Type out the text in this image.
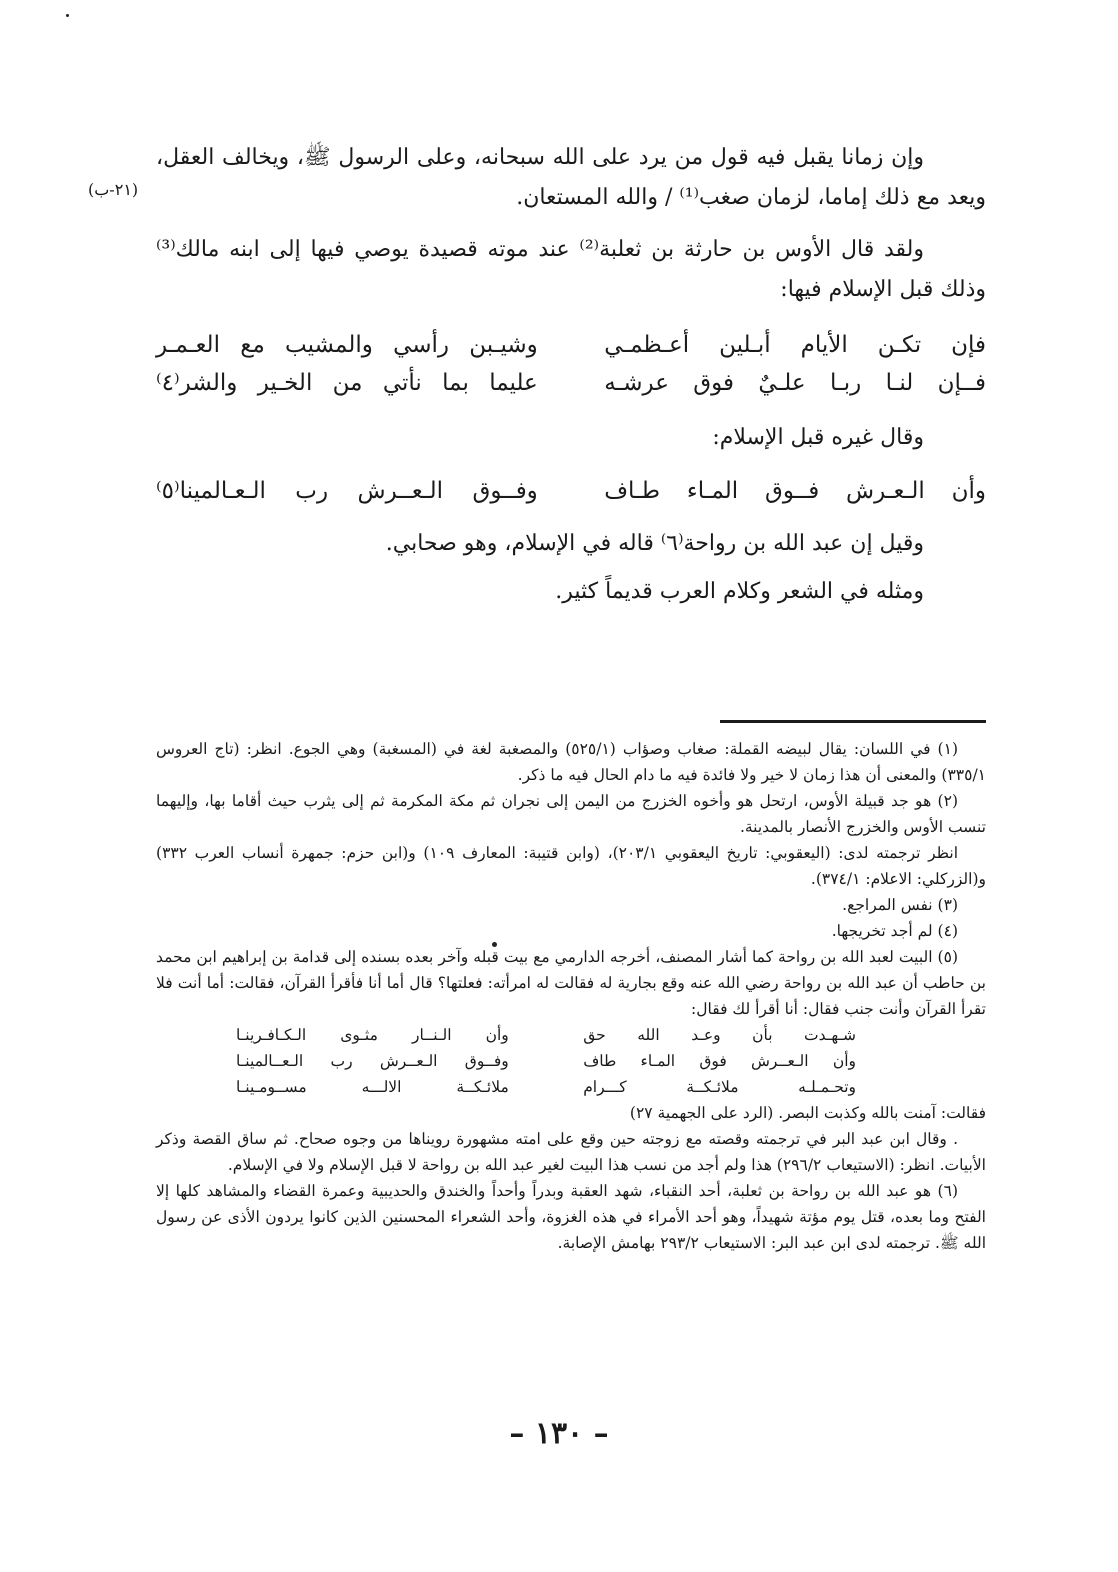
وإن زمانا يقبل فيه قول من يرد على الله سبحانه، وعلى الرسول ﷺ، ويخالف العقل، ويعد مع ذلك إماما، لزمان صغب⁽¹⁾ / والله المستعان.

ولقد قال الأوس بن حارثة بن ثعلبة⁽²⁾ عند موته قصيدة يوصي فيها إلى ابنه مالك⁽³⁾ وذلك قبل الإسلام فيها:

(٢١-ب)
فإن تكـن الأيام أبـلين أعـظمـي
وشيـبن رأسي والمشيب مع العـمـر
فــإن لنـا ربـا علـيٌ فوق عرشـه
عليما بما نأتي من الخـير والشر⁽٤⁾

وقال غيره قبل الإسلام:

وأن الـعـرش فــوق المـاء طـاف
وفــوق الـعــرش رب الـعـالمينا⁽٥⁾

وقيل إن عبد الله بن رواحة⁽٦⁾ قاله في الإسلام، وهو صحابي.

ومثله في الشعر وكلام العرب قديماً كثير.

(١) في اللسان: يقال لبيضه القملة: صغاب وصؤاب (٥٢٥/١) والمصغبة لغة في (المسغبة) وهي الجوع. انظر: (تاج العروس ٣٣٥/١) والمعنى أن هذا زمان لا خير ولا فائدة فيه ما دام الحال فيه ما ذكر.

(٢) هو جد قبيلة الأوس، ارتحل هو وأخوه الخزرج من اليمن إلى نجران ثم مكة المكرمة ثم إلى يثرب حيث أقاما بها، وإليهما تنسب الأوس والخزرج الأنصار بالمدينة.

انظر ترجمته لدى: (اليعقوبي: تاريخ اليعقوبي ٢٠٣/١)، (وابن قتيبة: المعارف ١٠٩) و(ابن حزم: جمهرة أنساب العرب ٣٣٢) و(الزركلي: الاعلام: ٣٧٤/١).

(٣) نفس المراجع.

(٤) لم أجد تخريجها.

(٥) البيت لعبد الله بن رواحة كما أشار المصنف، أخرجه الدارمي مع بيت قبله وآخر بعده بسنده إلى قدامة بن إبراهيم ابن محمد بن حاطب أن عبد الله بن رواحة رضي الله عنه وقع بجارية له فقالت له امرأته: فعلتها؟ قال أما أنا فأقرأ القرآن، فقالت: أما أنت فلا تقرأ القرآن وأنت جنب فقال: أنا أقرأ لك فقال:

شـهـدت بأن وعـد الله حق
وأن الـنــار مثـوى الـكـافـرينـا
وأن الـعــرش فوق المـاء طاف
وفــوق الـعــرش رب الـعــالمينـا
وتحـمـلـه ملائـكــة كـــرام
ملائـكــة الالـــه مســومـينـا

فقالت: آمنت بالله وكذبت البصر. (الرد على الجهمية ٢٧)

. وقال ابن عبد البر في ترجمته وقصته مع زوجته حين وقع على امته مشهورة رويناها من وجوه صحاح. ثم ساق القصة وذكر الأبيات. انظر: (الاستيعاب ٢٩٦/٢) هذا ولم أجد من نسب هذا البيت لغير عبد الله بن رواحة لا قبل الإسلام ولا في الإسلام.

(٦) هو عبد الله بن رواحة بن ثعلبة، أحد النقباء، شهد العقبة وبدراً وأحداً والخندق والحديبية وعمرة القضاء والمشاهد كلها إلا الفتح وما بعده، قتل يوم مؤتة شهيداً، وهو أحد الأمراء في هذه الغزوة، وأحد الشعراء المحسنين الذين كانوا يردون الأذى عن رسول الله ﷺ. ترجمته لدى ابن عبد البر: الاستيعاب ٢٩٣/٢ بهامش الإصابة.

– ١٣٠ –
